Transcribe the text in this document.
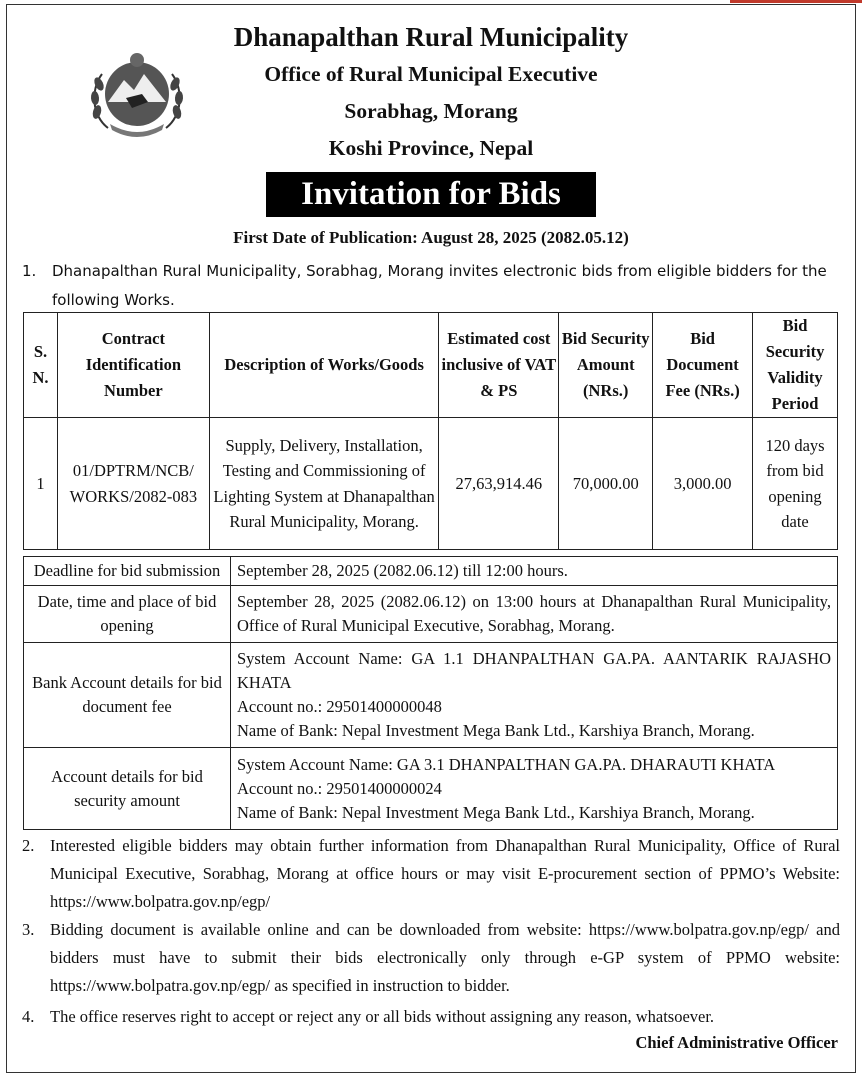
Dhanapalthan Rural Municipality
Office of Rural Municipal Executive
Sorabhag, Morang
Koshi Province, Nepal
Invitation for Bids
First Date of Publication: August 28, 2025 (2082.05.12)
1.	Dhanapalthan Rural Municipality, Sorabhag, Morang invites electronic bids from eligible bidders for the following Works.
S. N.	Contract Identification Number	Description of Works/Goods	Estimated cost inclusive of VAT & PS	Bid Security Amount (NRs.)	Bid Document Fee (NRs.)	Bid Security Validity Period
1	01/DPTRM/NCB/ WORKS/2082-083	Supply, Delivery, Installation, Testing and Commissioning of Lighting System at Dhanapalthan Rural Municipality, Morang.	27,63,914.46	70,000.00	3,000.00	120 days from bid opening date
Deadline for bid submission	September 28, 2025 (2082.06.12) till 12:00 hours.
Date, time and place of bid opening	September 28, 2025 (2082.06.12) on 13:00 hours at Dhanapalthan Rural Municipality, Office of Rural Municipal Executive, Sorabhag, Morang.
Bank Account details for bid document fee	System Account Name: GA 1.1 DHANPALTHAN GA.PA. AANTARIK RAJASHO KHATA
Account no.: 29501400000048
Name of Bank: Nepal Investment Mega Bank Ltd., Karshiya Branch, Morang.

Account details for bid security amount	System Account Name: GA 3.1 DHANPALTHAN GA.PA. DHARAUTI KHATA
Account no.: 29501400000024
Name of Bank: Nepal Investment Mega Bank Ltd., Karshiya Branch, Morang.
2. Interested eligible bidders may obtain further information from Dhanapalthan Rural Municipality, Office of Rural Municipal Executive, Sorabhag, Morang at office hours or may visit E-procurement section of PPMO’s Website: https://www.bolpatra.gov.np/egp/
3. Bidding document is available online and can be downloaded from website: https://www.bolpatra.gov.np/egp/ and bidders must have to submit their bids electronically only through e-GP system of PPMO website: https://www.bolpatra.gov.np/egp/ as specified in instruction to bidder.
4. The office reserves right to accept or reject any or all bids without assigning any reason, whatsoever.
Chief Administrative Officer
